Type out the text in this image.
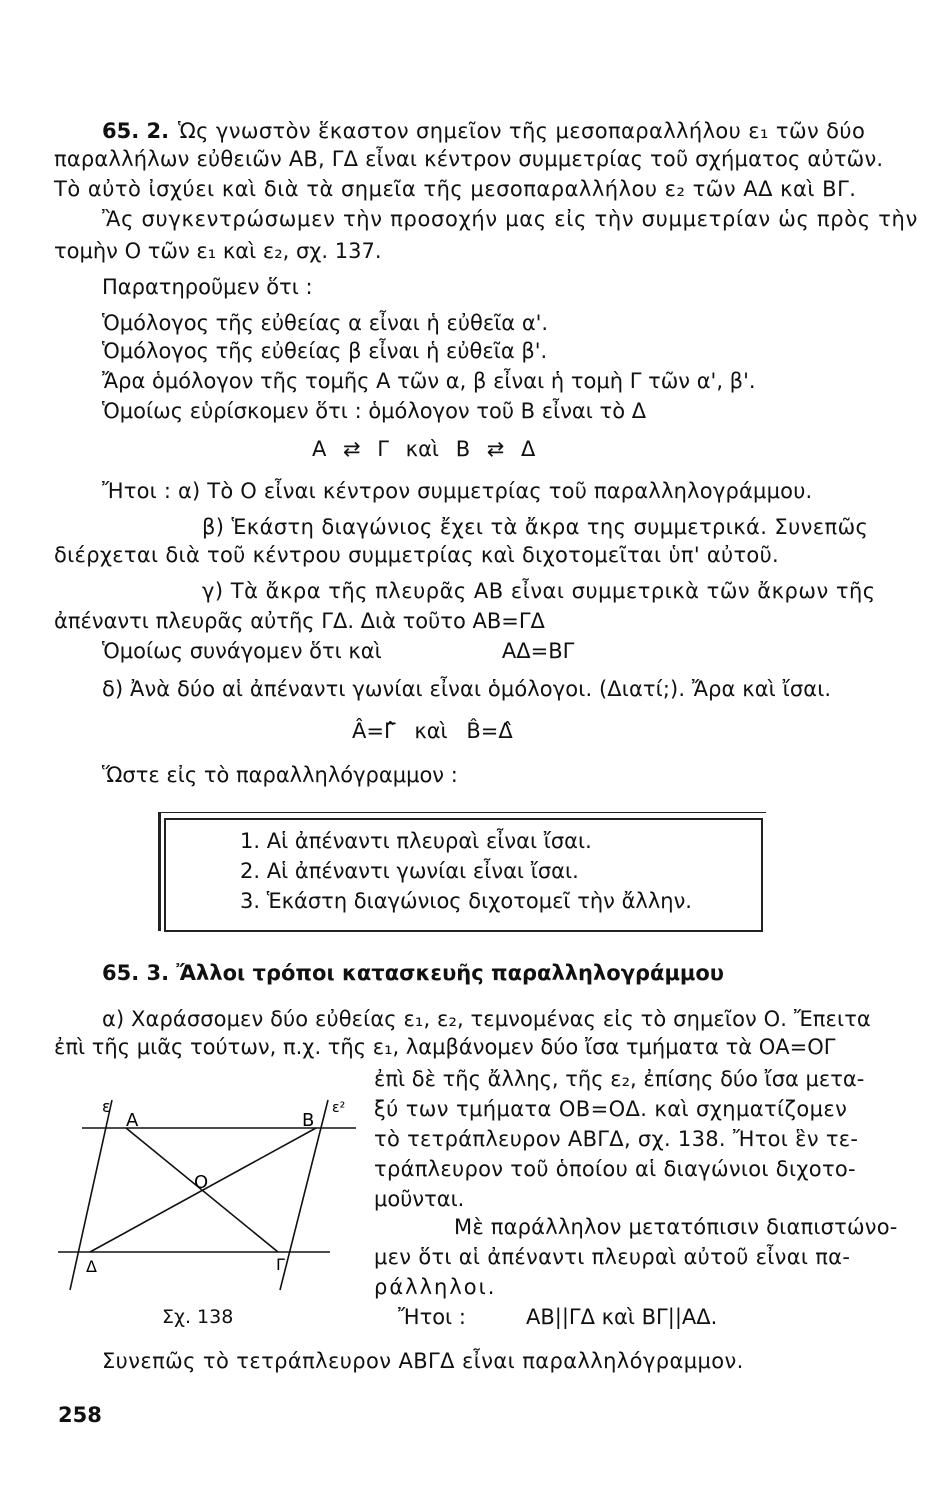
65. 2. Ὡς γνωστὸν ἕκαστον σημεῖον τῆς μεσοπαραλλήλου ε₁ τῶν δύο
παραλλήλων εὐθειῶν ΑΒ, ΓΔ εἶναι κέντρον συμμετρίας τοῦ σχήματος αὐτῶν.
Τὸ αὐτὸ ἰσχύει καὶ διὰ τὰ σημεῖα τῆς μεσοπαραλλήλου ε₂ τῶν ΑΔ καὶ ΒΓ.
Ἂς συγκεντρώσωμεν τὴν προσοχήν μας εἰς τὴν συμμετρίαν ὡς πρὸς τὴν
τομὴν Ο τῶν ε₁ καὶ ε₂, σχ. 137.
Παρατηροῦμεν ὅτι :
Ὁμόλογος τῆς εὐθείας α εἶναι ἡ εὐθεῖα α'.
Ὁμόλογος τῆς εὐθείας β εἶναι ἡ εὐθεῖα β'.
Ἄρα ὁμόλογον τῆς τομῆς Α τῶν α, β εἶναι ἡ τομὴ Γ τῶν α', β'.
Ὁμοίως εὑρίσκομεν ὅτι : ὁμόλογον τοῦ Β εἶναι τὸ Δ
Α ⇄ Γ καὶ Β ⇄ Δ
Ἤτοι : α) Τὸ Ο εἶναι κέντρον συμμετρίας τοῦ παραλληλογράμμου.
β) Ἑκάστη διαγώνιος ἔχει τὰ ἄκρα της συμμετρικά. Συνεπῶς
διέρχεται διὰ τοῦ κέντρου συμμετρίας καὶ διχοτομεῖται ὑπ' αὐτοῦ.
γ) Τὰ ἄκρα τῆς πλευρᾶς ΑΒ εἶναι συμμετρικὰ τῶν ἄκρων τῆς
ἀπέναντι πλευρᾶς αὐτῆς ΓΔ. Διὰ τοῦτο ΑΒ=ΓΔ
Ὁμοίως συνάγομεν ὅτι καὶ                  ΑΔ=ΒΓ
δ) Ἀνὰ δύο αἱ ἀπέναντι γωνίαι εἶναι ὁμόλογοι. (Διατί;). Ἄρα καὶ ἴσαι.
Â=Γ̂ καὶ B̂=Δ̂
Ὥστε εἰς τὸ παραλληλόγραμμον :
1. Αἱ ἀπέναντι πλευραὶ εἶναι ἴσαι.
2. Αἱ ἀπέναντι γωνίαι εἶναι ἴσαι.
3. Ἑκάστη διαγώνιος διχοτομεῖ τὴν ἄλλην.
65. 3. Ἄλλοι τρόποι κατασκευῆς παραλληλογράμμου
α) Χαράσσομεν δύο εὐθείας ε₁, ε₂, τεμνομένας εἰς τὸ σημεῖον Ο. Ἔπειτα
ἐπὶ τῆς μιᾶς τούτων, π.χ. τῆς ε₁, λαμβάνομεν δύο ἴσα τμήματα τὰ ΟΑ=ΟΓ
ἐπὶ δὲ τῆς ἄλλης, τῆς ε₂, ἐπίσης δύο ἴσα μετα-
ξύ των τμήματα ΟΒ=ΟΔ. καὶ σχηματίζομεν
τὸ τετράπλευρον ΑΒΓΔ, σχ. 138. Ἤτοι ἓν τε-
τράπλευρον τοῦ ὁποίου αἱ διαγώνιοι διχοτο-
μοῦνται.
Μὲ παράλληλον μετατόπισιν διαπιστώνο-
μεν ὅτι αἱ ἀπέναντι πλευραὶ αὐτοῦ εἶναι πα-
ράλληλοι.
Ἤτοι :         ΑΒ||ΓΔ καὶ ΒΓ||ΑΔ.
Συνεπῶς τὸ τετράπλευρον ΑΒΓΔ εἶναι παραλληλόγραμμον.
ε
Α	Β
ε²
Ο
Δ	Γ
Σχ. 138
258
